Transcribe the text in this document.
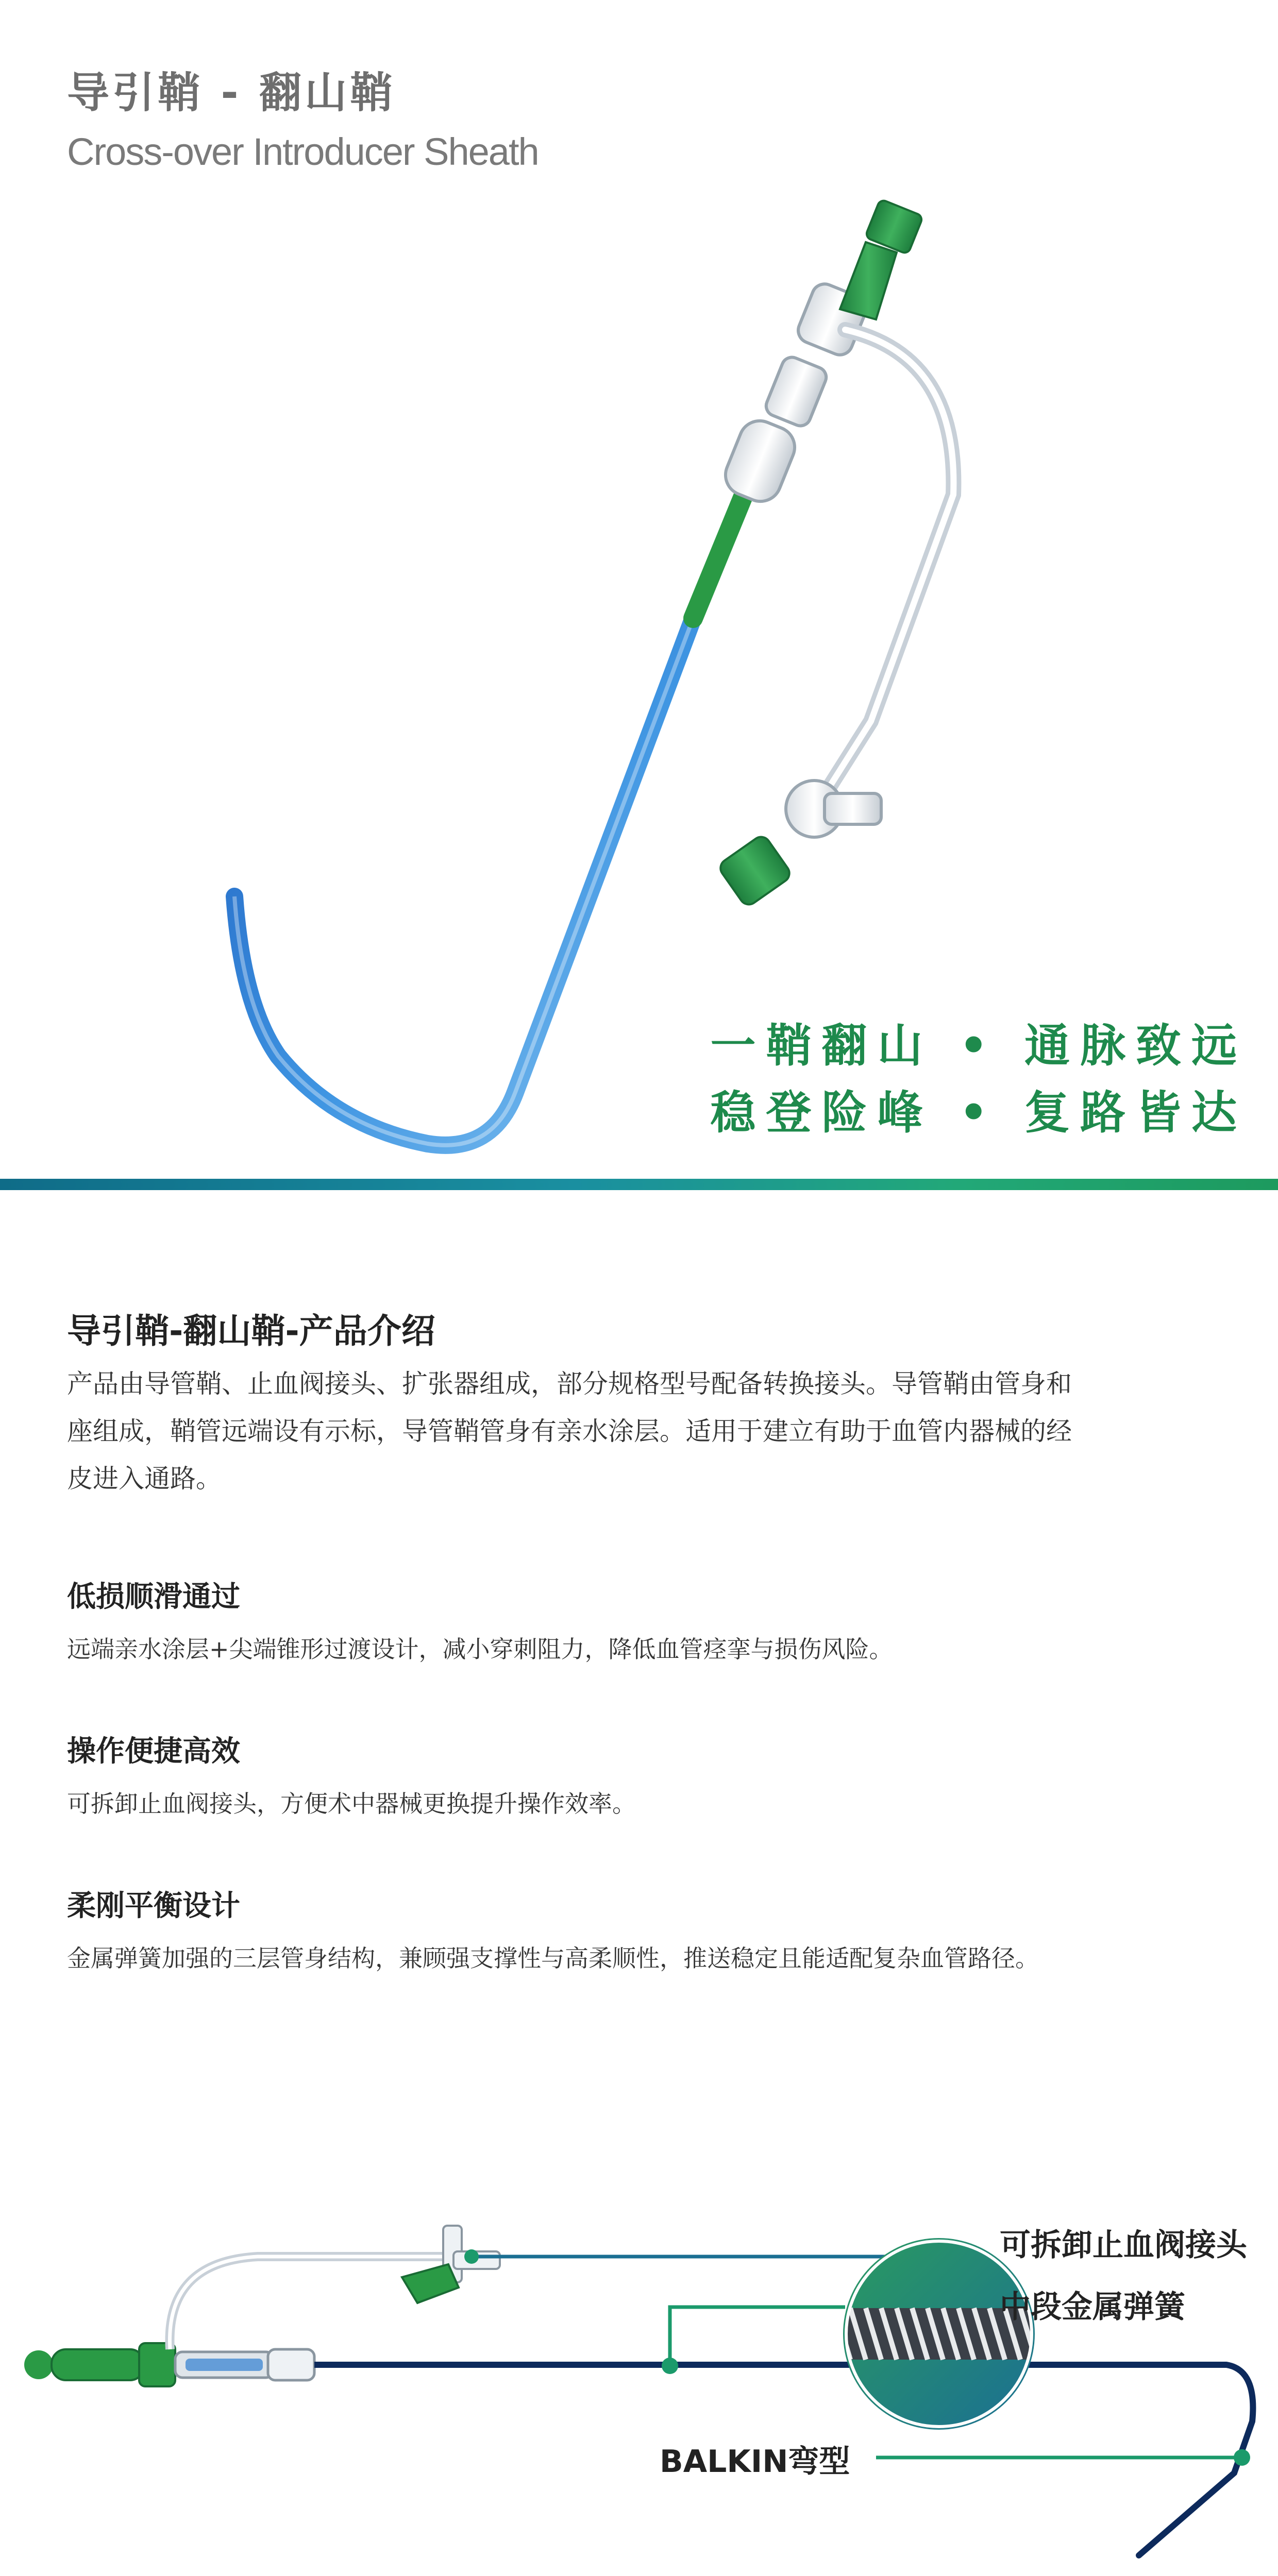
导引鞘 - 翻山鞘
Cross-over Introducer Sheath
一鞘翻山 • 通脉致远
稳登险峰 • 复路皆达
导引鞘-翻山鞘-产品介绍
产品由导管鞘、止血阀接头、扩张器组成，部分规格型号配备转换接头。导管鞘由管身和
座组成，鞘管远端设有示标，导管鞘管身有亲水涂层。适用于建立有助于血管内器械的经
皮进入通路。
低损顺滑通过
远端亲水涂层+尖端锥形过渡设计，减小穿刺阻力，降低血管痉挛与损伤风险。
操作便捷高效
可拆卸止血阀接头，方便术中器械更换提升操作效率。
柔刚平衡设计
金属弹簧加强的三层管身结构，兼顾强支撑性与高柔顺性，推送稳定且能适配复杂血管路径。
可拆卸止血阀接头
中段金属弹簧
BALKIN弯型
